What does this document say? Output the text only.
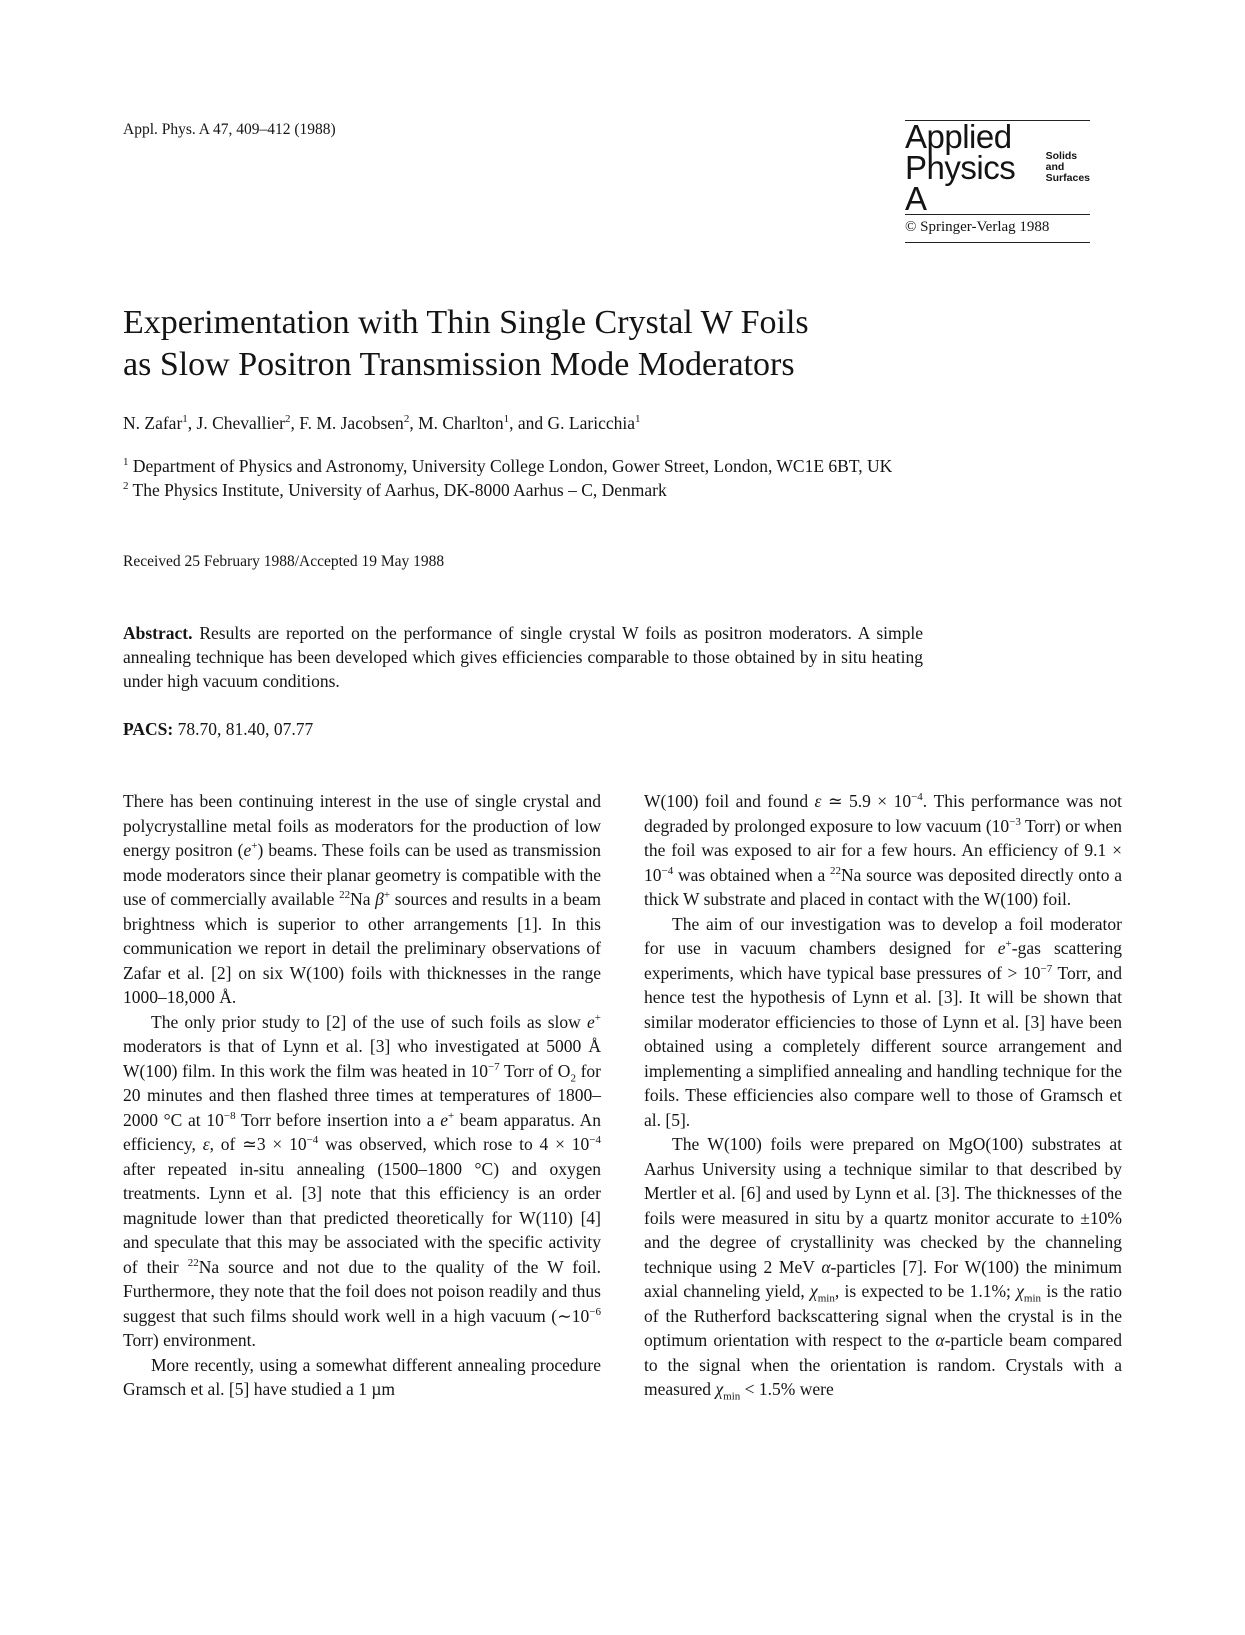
Appl. Phys. A 47, 409–412 (1988)	Applied
Physics A
Solids
and
Surfaces
© Springer-Verlag 1988
Experimentation with Thin Single Crystal W Foils
as Slow Positron Transmission Mode Moderators
N. Zafar$^1$, J. Chevallier$^2$, F. M. Jacobsen$^2$, M. Charlton$^1$, and G. Laricchia$^1$
$^1$ Department of Physics and Astronomy, University College London, Gower Street, London, WC1E 6BT, UK
$^2$ The Physics Institute, University of Aarhus, DK-8000 Aarhus – C, Denmark
Received 25 February 1988/Accepted 19 May 1988
Abstract. Results are reported on the performance of single crystal W foils as positron moderators. A simple annealing technique has been developed which gives efficiencies comparable to those obtained by in situ heating under high vacuum conditions.
PACS: 78.70, 81.40, 07.77

There has been continuing interest in the use of single crystal and polycrystalline metal foils as moderators for the production of low energy positron (e+) beams. These foils can be used as transmission mode moderators since their planar geometry is compatible with the use of commercially available $^{22}$Na β+ sources and results in a beam brightness which is superior to other arrangements [1]. In this communication we report in detail the preliminary observations of Zafar et al. [2] on six W(100) foils with thicknesses in the range 1000–18,000 Å.

The only prior study to [2] of the use of such foils as slow e+ moderators is that of Lynn et al. [3] who investigated at 5000 Å W(100) film. In this work the film was heated in $10^{-7}$ Torr of $O_2$ for 20 minutes and then flashed three times at temperatures of 1800–2000 °C at $10^{-8}$ Torr before insertion into a e+ beam apparatus. An efficiency, ε, of ≃3 × $10^{-4}$ was observed, which rose to $4 \times 10^{-4}$ after repeated in-situ annealing (1500–1800 °C) and oxygen treatments. Lynn et al. [3] note that this efficiency is an order magnitude lower than that predicted theoretically for W(110) [4] and speculate that this may be associated with the specific activity of their $^{22}$Na source and not due to the quality of the W foil. Furthermore, they note that the foil does not poison readily and thus suggest that such films should work well in a high vacuum ($\sim 10^{-6}$ Torr) environment.

More recently, using a somewhat different annealing procedure Gramsch et al. [5] have studied a 1 µm

W(100) foil and found ε ≃ $5.9 \times 10^{-4}$. This performance was not degraded by prolonged exposure to low vacuum ($10^{-3}$ Torr) or when the foil was exposed to air for a few hours. An efficiency of $9.1 \times 10^{-4}$ was obtained when a $^{22}$Na source was deposited directly onto a thick W substrate and placed in contact with the W(100) foil.

The aim of our investigation was to develop a foil moderator for use in vacuum chambers designed for e+-gas scattering experiments, which have typical base pressures of > $10^{-7}$ Torr, and hence test the hypothesis of Lynn et al. [3]. It will be shown that similar moderator efficiencies to those of Lynn et al. [3] have been obtained using a completely different source arrangement and implementing a simplified annealing and handling technique for the foils. These efficiencies also compare well to those of Gramsch et al. [5].

The W(100) foils were prepared on MgO(100) substrates at Aarhus University using a technique similar to that described by Mertler et al. [6] and used by Lynn et al. [3]. The thicknesses of the foils were measured in situ by a quartz monitor accurate to ±10% and the degree of crystallinity was checked by the channeling technique using 2 MeV α-particles [7]. For W(100) the minimum axial channeling yield, $\chi_{min}$, is expected to be 1.1%; $\chi_{min}$ is the ratio of the Rutherford backscattering signal when the crystal is in the optimum orientation with respect to the α-particle beam compared to the signal when the orientation is random. Crystals with a measured $\chi_{min} < 1.5\%$ were
